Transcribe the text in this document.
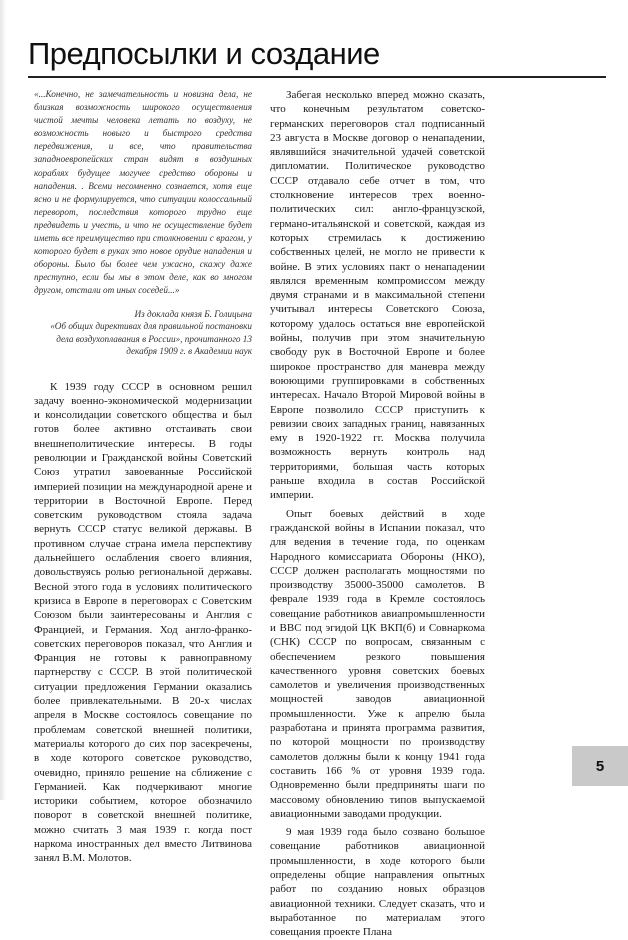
Предпосылки и создание

«...Конечно, не замечательность и новизна дела, не близкая возможность широкого осуществления чистой мечты человека летать по воздуху, не возможность новыго и быстрого средства передвижения, и все, что правительства западноевропейских стран видят в воздушных кораблях будущее могучее средство обороны и нападения. . Всеми несомненно сознается, хотя еще ясно и не формулируется, что ситуации колоссальный переворот, последствия которого трудно еще предвидеть и учесть, и что не осуществление будет иметь все преимущество при столкновении с врагом, у которого будет в руках это новое орудие нападения и обороны. Было бы более чем ужасно, скажу даже преступно, если бы мы в этом деле, как во многом другом, отстали от иных соседей...»

Из доклада князя Б. Голицына

«Об общих директивах для правильной постановки дела воздухоплавания в России», прочитанного 13 декабря 1909 г. в Академии наук

К 1939 году СССР в основном решил задачу военно-экономической модернизации и консолидации советского общества и был готов более активно отстаивать свои внешнеполитические интересы. В годы революции и Гражданской войны Советский Союз утратил завоеванные Российской империей позиции на международной арене и территории в Восточной Европе. Перед советским руководством стояла задача вернуть СССР статус великой державы. В противном случае страна имела перспективу дальнейшего ослабления своего влияния, довольствуясь ролью региональной державы. Весной этого года в условиях политического кризиса в Европе в переговорах с Советским Союзом были заинтересованы и Англия с Францией, и Германия. Ход англо-франко-советских переговоров показал, что Англия и Франция не готовы к равноправному партнерству с СССР. В этой политической ситуации предложения Германии оказались более привлекательными. В 20-х числах апреля в Москве состоялось совещание по проблемам советской внешней политики, материалы которого до сих пор засекречены, в ходе которого советское руководство, очевидно, приняло решение на сближение с Германией. Как подчеркивают многие историки событием, которое обозначило поворот в советской внешней политике, можно считать 3 мая 1939 г. когда пост наркома иностранных дел вместо Литвинова занял В.М. Молотов.

Забегая несколько вперед можно сказать, что конечным результатом советско-германских переговоров стал подписанный 23 августа в Москве договор о ненападении, являвшийся значительной удачей советской дипломатии. Политическое руководство СССР отдавало себе отчет в том, что столкновение интересов трех военно-политических сил: англо-французской, германо-итальянской и советской, каждая из которых стремилась к достижению собственных целей, не могло не привести к войне. В этих условиях пакт о ненападении являлся временным компромиссом между двумя странами и в максимальной степени учитывал интересы Советского Союза, которому удалось остаться вне европейской войны, получив при этом значительную свободу рук в Восточной Европе и более широкое пространство для маневра между воюющими группировками в собственных интересах. Начало Второй Мировой войны в Европе позволило СССР приступить к ревизии своих западных границ, навязанных ему в 1920-1922 гг. Москва получила возможность вернуть контроль над территориями, большая часть которых раньше входила в состав Российской империи.

Опыт боевых действий в ходе гражданской войны в Испании показал, что для ведения в течение года, по оценкам Народного комиссариата Обороны (НКО), СССР должен располагать мощностями по производству 35000-35000 самолетов. В феврале 1939 года в Кремле состоялось совещание работников авиапромышленности и ВВС под эгидой ЦК ВКП(б) и Совнаркома (СНК) СССР по вопросам, связанным с обеспечением резкого повышения качественного уровня советских боевых самолетов и увеличения производственных мощностей заводов авиационной промышленности. Уже к апрелю была разработана и принята программа развития, по которой мощности по производству самолетов должны были к концу 1941 года составить 166 % от уровня 1939 года. Одновременно были предприняты шаги по массовому обновлению типов выпускаемой авиационными заводами продукции.

9 мая 1939 года было созвано большое совещание работников авиационной промышленности, в ходе которого были определены общие направления опытных работ по созданию новых образцов авиационной техники. Следует сказать, что и выработанное по материалам этого совещания проекте Плана

5
